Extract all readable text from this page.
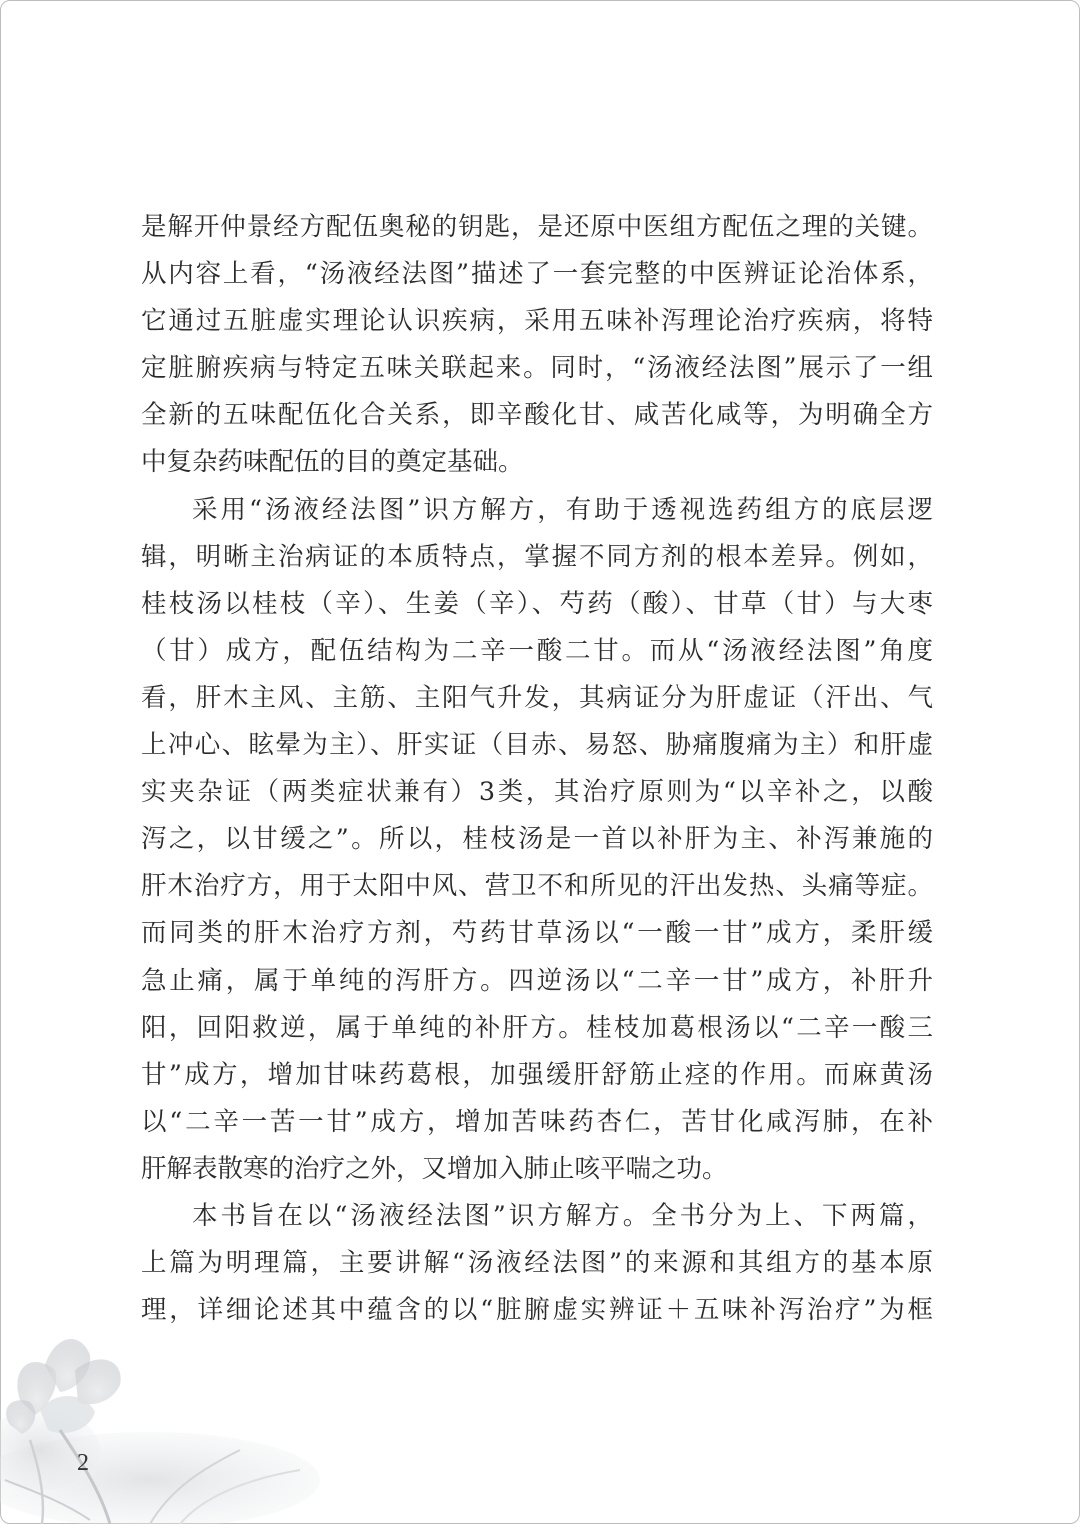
是解开仲景经方配伍奥秘的钥匙，是还原中医组方配伍之理的关键。
从内容上看，“汤液经法图”描述了一套完整的中医辨证论治体系，
它通过五脏虚实理论认识疾病，采用五味补泻理论治疗疾病，将特
定脏腑疾病与特定五味关联起来。同时，“汤液经法图”展示了一组
全新的五味配伍化合关系，即辛酸化甘、咸苦化咸等，为明确全方
中复杂药味配伍的目的奠定基础。
采用“汤液经法图”识方解方，有助于透视选药组方的底层逻
辑，明晰主治病证的本质特点，掌握不同方剂的根本差异。例如，
桂枝汤以桂枝（辛）、生姜（辛）、芍药（酸）、甘草（甘）与大枣
（甘）成方，配伍结构为二辛一酸二甘。而从“汤液经法图”角度
看，肝木主风、主筋、主阳气升发，其病证分为肝虚证（汗出、气
上冲心、眩晕为主）、肝实证（目赤、易怒、胁痛腹痛为主）和肝虚
实夹杂证（两类症状兼有）3类，其治疗原则为“以辛补之，以酸
泻之，以甘缓之”。所以，桂枝汤是一首以补肝为主、补泻兼施的
肝木治疗方，用于太阳中风、营卫不和所见的汗出发热、头痛等症。
而同类的肝木治疗方剂，芍药甘草汤以“一酸一甘”成方，柔肝缓
急止痛，属于单纯的泻肝方。四逆汤以“二辛一甘”成方，补肝升
阳，回阳救逆，属于单纯的补肝方。桂枝加葛根汤以“二辛一酸三
甘”成方，增加甘味药葛根，加强缓肝舒筋止痉的作用。而麻黄汤
以“二辛一苦一甘”成方，增加苦味药杏仁，苦甘化咸泻肺，在补
肝解表散寒的治疗之外，又增加入肺止咳平喘之功。
本书旨在以“汤液经法图”识方解方。全书分为上、下两篇，
上篇为明理篇，主要讲解“汤液经法图”的来源和其组方的基本原
理，详细论述其中蕴含的以“脏腑虚实辨证＋五味补泻治疗”为框
2
